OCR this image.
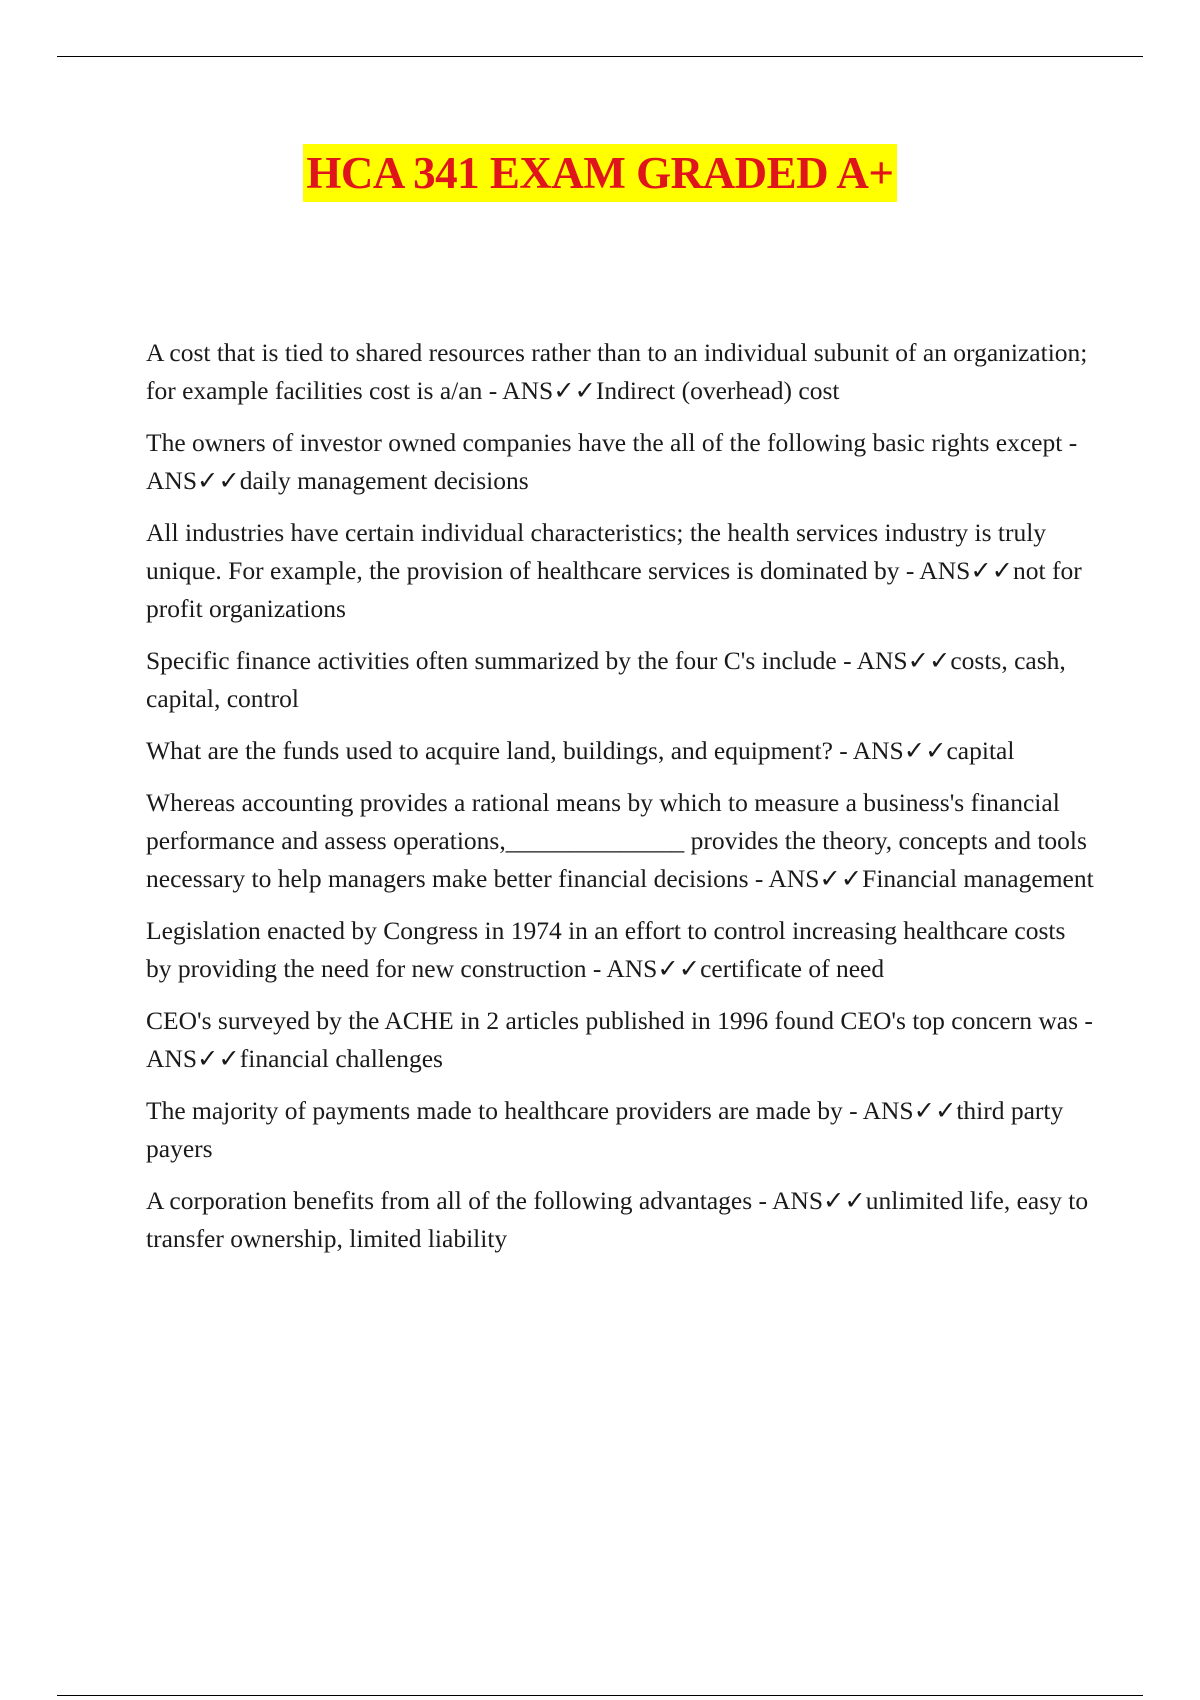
HCA 341 EXAM GRADED A+

A cost that is tied to shared resources rather than to an individual subunit of an organization; for example facilities cost is a/an - ANS✓✓Indirect (overhead) cost

The owners of investor owned companies have the all of the following basic rights except - ANS✓✓daily management decisions

All industries have certain individual characteristics; the health services industry is truly unique. For example, the provision of healthcare services is dominated by - ANS✓✓not for profit organizations

Specific finance activities often summarized by the four C's include - ANS✓✓costs, cash, capital, control

What are the funds used to acquire land, buildings, and equipment? - ANS✓✓capital

Whereas accounting provides a rational means by which to measure a business's financial performance and assess operations,______________ provides the theory, concepts and tools necessary to help managers make better financial decisions - ANS✓✓Financial management

Legislation enacted by Congress in 1974 in an effort to control increasing healthcare costs by providing the need for new construction - ANS✓✓certificate of need

CEO's surveyed by the ACHE in 2 articles published in 1996 found CEO's top concern was - ANS✓✓financial challenges

The majority of payments made to healthcare providers are made by - ANS✓✓third party payers

A corporation benefits from all of the following advantages - ANS✓✓unlimited life, easy to transfer ownership, limited liability
